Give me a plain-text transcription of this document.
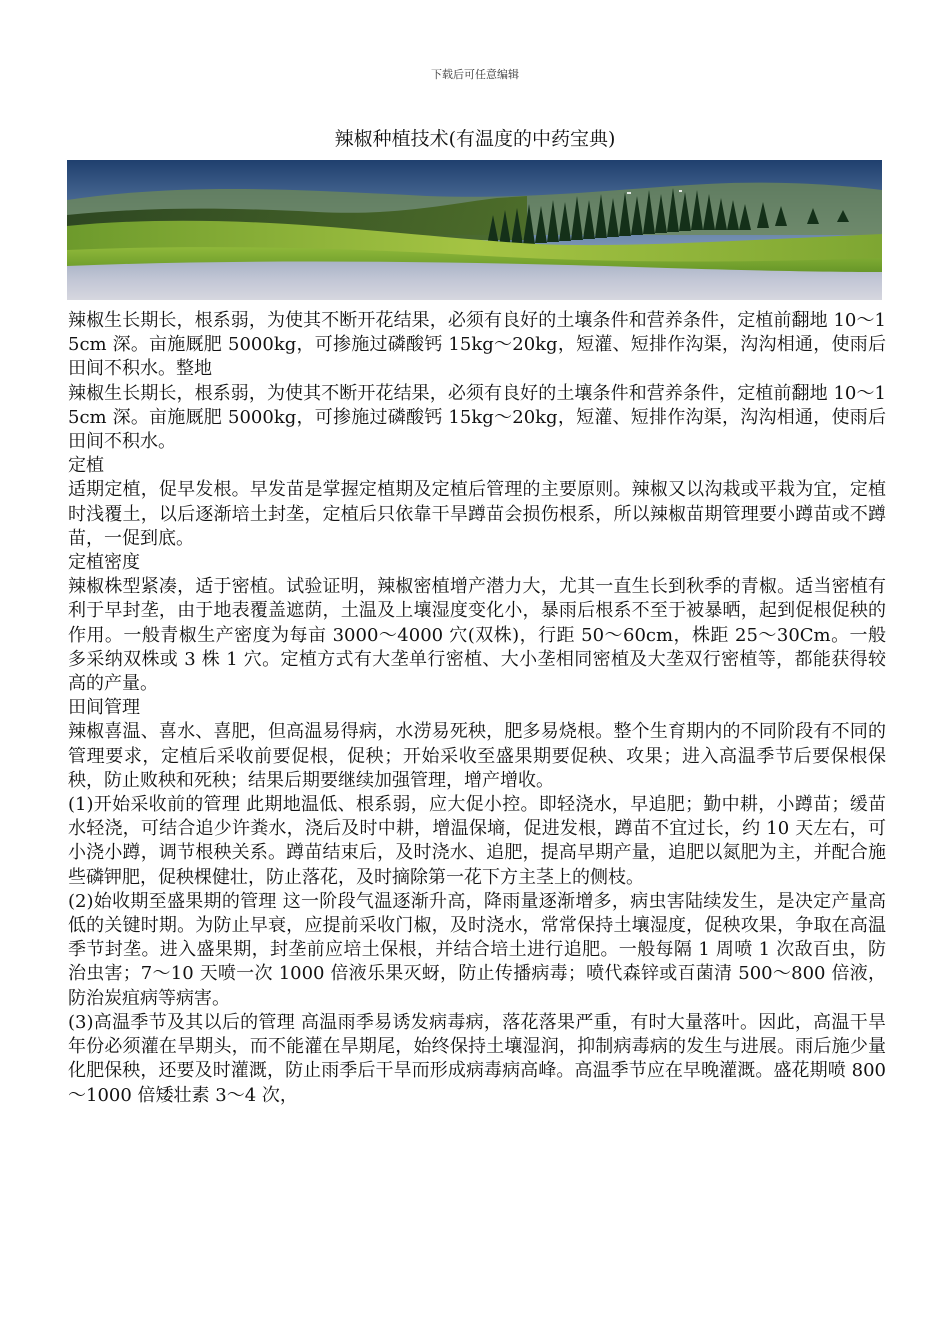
下载后可任意编辑
辣椒种植技术(有温度的中药宝典)

辣椒生长期长，根系弱，为使其不断开花结果，必须有良好的土壤条件和营养条件，定植前翻地 10～15cm 深。亩施厩肥 5000kg，可掺施过磷酸钙 15kg～20kg，短灌、短排作沟渠，沟沟相通，使雨后田间不积水。整地

辣椒生长期长，根系弱，为使其不断开花结果，必须有良好的土壤条件和营养条件，定植前翻地 10～15cm 深。亩施厩肥 5000kg，可掺施过磷酸钙 15kg～20kg，短灌、短排作沟渠，沟沟相通，使雨后田间不积水。

定植

适期定植，促早发根。早发苗是掌握定植期及定植后管理的主要原则。辣椒又以沟栽或平栽为宜，定植时浅覆土，以后逐渐培土封垄，定植后只依靠干旱蹲苗会损伤根系，所以辣椒苗期管理要小蹲苗或不蹲苗，一促到底。

定植密度

辣椒株型紧凑，适于密植。试验证明，辣椒密植增产潜力大，尤其一直生长到秋季的青椒。适当密植有利于早封垄，由于地表覆盖遮荫，土温及上壤湿度变化小，暴雨后根系不至于被暴晒，起到促根促秧的作用。一般青椒生产密度为每亩 3000～4000 穴(双株)，行距 50～60cm，株距 25～30Cm。一般多采纳双株或 3 株 1 穴。定植方式有大垄单行密植、大小垄相同密植及大垄双行密植等，都能获得较高的产量。

田间管理

辣椒喜温、喜水、喜肥，但高温易得病，水涝易死秧，肥多易烧根。整个生育期内的不同阶段有不同的管理要求，定植后采收前要促根，促秧；开始采收至盛果期要促秧、攻果；进入高温季节后要保根保秧，防止败秧和死秧；结果后期要继续加强管理，增产增收。

(1)开始采收前的管理 此期地温低、根系弱，应大促小控。即轻浇水，早追肥；勤中耕，小蹲苗；缓苗水轻浇，可结合追少许粪水，浇后及时中耕，增温保墒，促进发根，蹲苗不宜过长，约 10 天左右，可小浇小蹲，调节根秧关系。蹲苗结束后，及时浇水、追肥，提高早期产量，追肥以氮肥为主，并配合施些磷钾肥，促秧棵健壮，防止落花，及时摘除第一花下方主茎上的侧枝。

(2)始收期至盛果期的管理 这一阶段气温逐渐升高，降雨量逐渐增多，病虫害陆续发生，是决定产量高低的关键时期。为防止早衰，应提前采收门椒，及时浇水，常常保持土壤湿度，促秧攻果，争取在高温季节封垄。进入盛果期，封垄前应培土保根，并结合培土进行追肥。一般每隔 1 周喷 1 次敌百虫，防治虫害；7～10 天喷一次 1000 倍液乐果灭蚜，防止传播病毒；喷代森锌或百菌清 500～800 倍液，防治炭疽病等病害。

(3)高温季节及其以后的管理 高温雨季易诱发病毒病，落花落果严重，有时大量落叶。因此，高温干旱年份必须灌在旱期头，而不能灌在旱期尾，始终保持土壤湿润，抑制病毒病的发生与进展。雨后施少量化肥保秧，还要及时灌溉，防止雨季后干旱而形成病毒病高峰。高温季节应在早晚灌溉。盛花期喷 800～1000 倍矮壮素 3～4 次，
